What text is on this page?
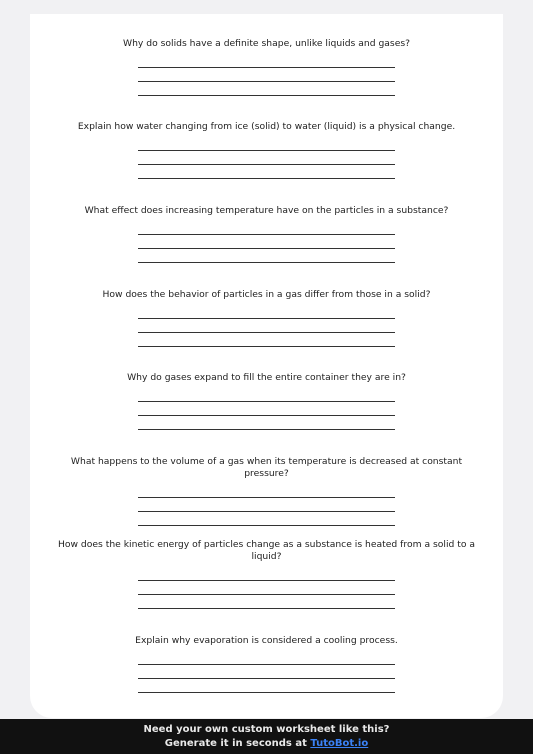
Why do solids have a definite shape, unlike liquids and gases?
Explain how water changing from ice (solid) to water (liquid) is a physical change.
What effect does increasing temperature have on the particles in a substance?
How does the behavior of particles in a gas differ from those in a solid?
Why do gases expand to fill the entire container they are in?
What happens to the volume of a gas when its temperature is decreased at constant pressure?
How does the kinetic energy of particles change as a substance is heated from a solid to a liquid?
Explain why evaporation is considered a cooling process.
Need your own custom worksheet like this?
Generate it in seconds at TutoBot.io
